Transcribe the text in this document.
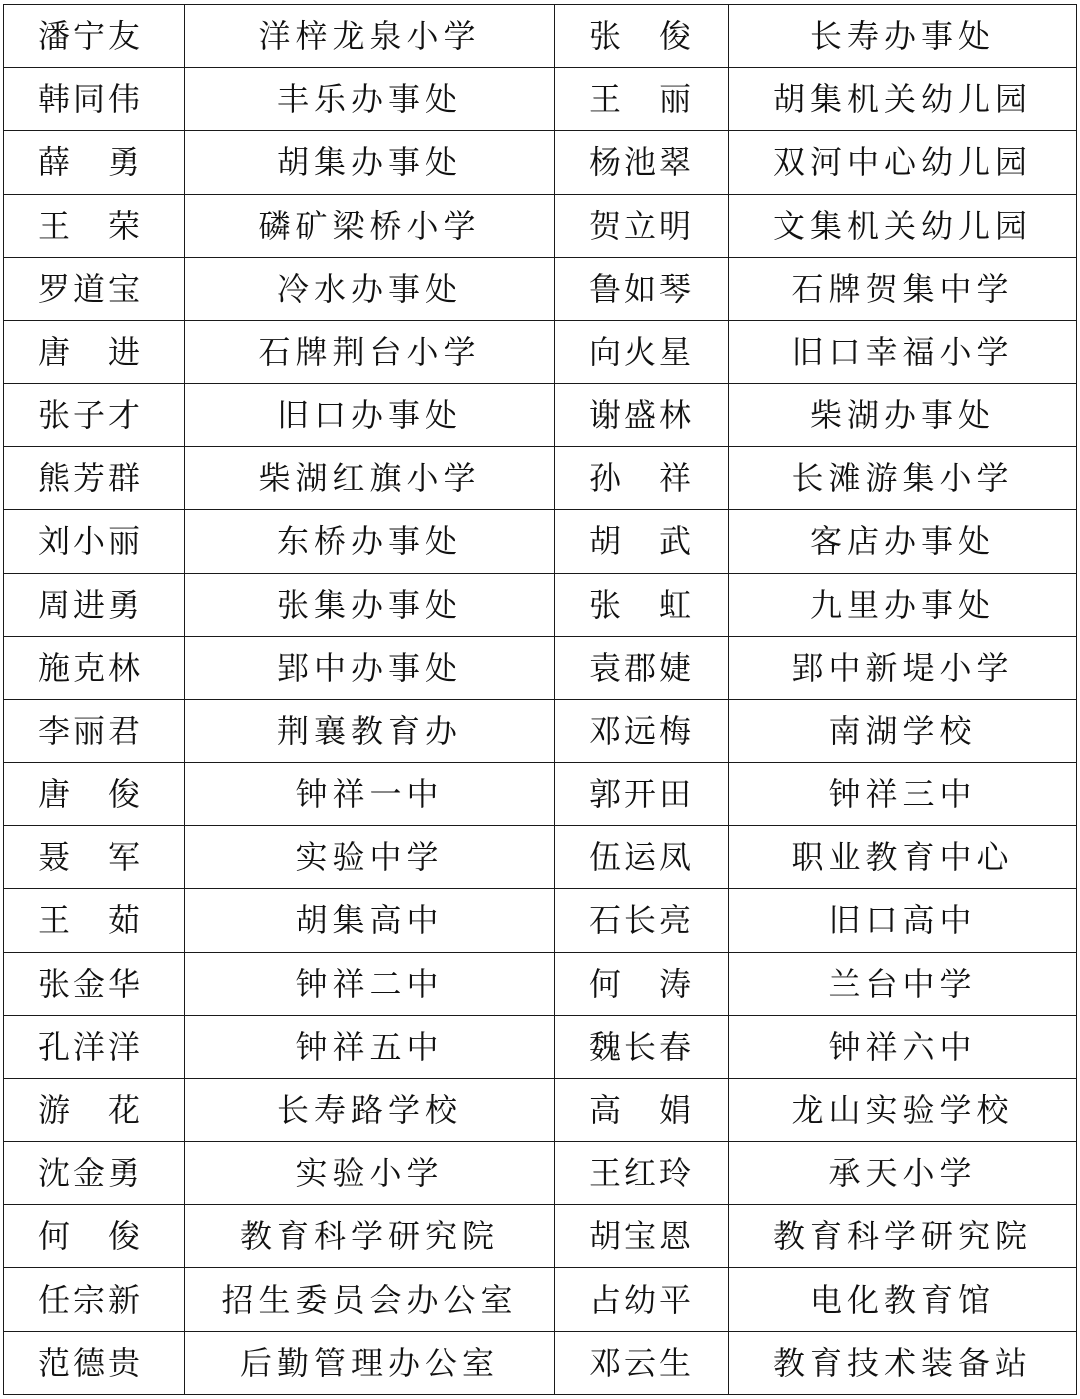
潘宁友	洋梓龙泉小学	张　俊	长寿办事处
韩同伟	丰乐办事处	王　丽	胡集机关幼儿园
薛　勇	胡集办事处	杨池翠	双河中心幼儿园
王　荣	磷矿梁桥小学	贺立明	文集机关幼儿园
罗道宝	冷水办事处	鲁如琴	石牌贺集中学
唐　进	石牌荆台小学	向火星	旧口幸福小学
张子才	旧口办事处	谢盛林	柴湖办事处
熊芳群	柴湖红旗小学	孙　祥	长滩游集小学
刘小丽	东桥办事处	胡　武	客店办事处
周进勇	张集办事处	张　虹	九里办事处
施克林	郢中办事处	袁郡婕	郢中新堤小学
李丽君	荆襄教育办	邓远梅	南湖学校
唐　俊	钟祥一中	郭开田	钟祥三中
聂　军	实验中学	伍运凤	职业教育中心
王　茹	胡集高中	石长亮	旧口高中
张金华	钟祥二中	何　涛	兰台中学
孔洋洋	钟祥五中	魏长春	钟祥六中
游　花	长寿路学校	高　娟	龙山实验学校
沈金勇	实验小学	王红玲	承天小学
何　俊	教育科学研究院	胡宝恩	教育科学研究院
任宗新	招生委员会办公室	占幼平	电化教育馆
范德贵	后勤管理办公室	邓云生	教育技术装备站
